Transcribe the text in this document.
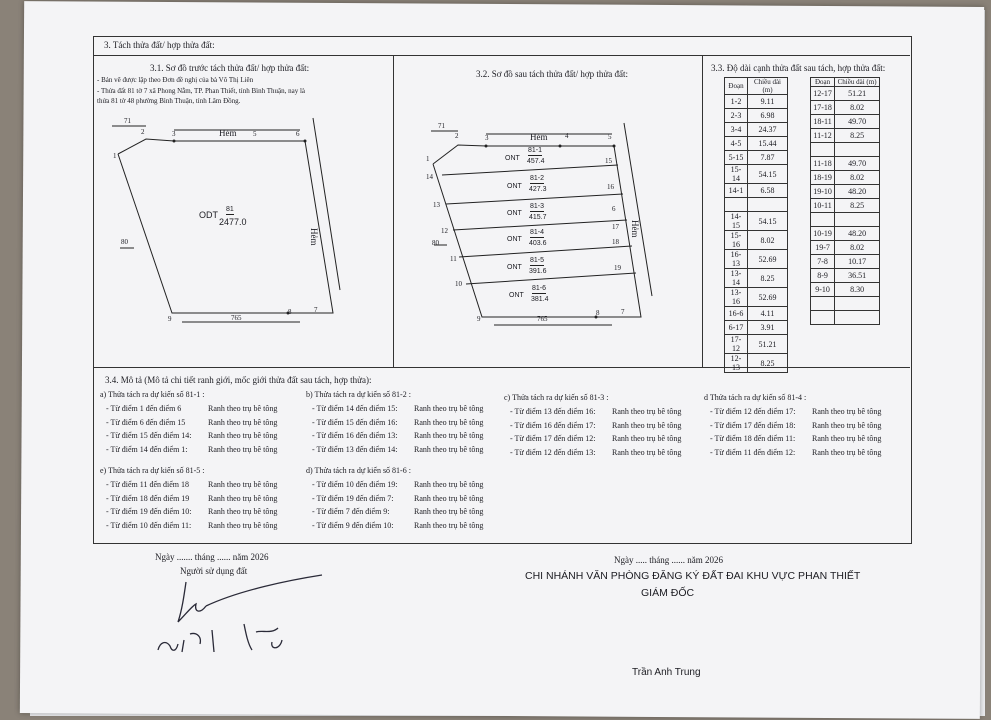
3. Tách thửa đất/ hợp thửa đất:
3.1. Sơ đồ trước tách thửa đất/ hợp thửa đất:
- Bản vẽ được lập theo Đơn đề nghị của bà Võ Thị Liên
- Thửa đất 81 tờ 7 xã Phong Nẫm, TP. Phan Thiết, tỉnh Bình Thuận, nay là
thửa 81 tờ 48 phường Bình Thuận, tỉnh Lâm Đồng.
71
2	3	Hẻm 5	6
1
80
9	765
8	7
Hẻm
ODT
81
2477.0
3.2. Sơ đồ sau tách thửa đất/ hợp thửa đất:
71
2	3	Hẻm	4	5
1
14
13
12
80
11
10
9	765
8	7
15
16
6
17
18
19
Hẻm
ONT
81-1
457.4
ONT
81-2
427.3
ONT
81-3
415.7
ONT
81-4
403.6
ONT
81-5
391.6
ONT
81-6
381.4
3.3. Độ dài cạnh thửa đất sau tách, hợp thửa đất:
Đoạn	Chiều dài (m)
1-2	9.11
2-3	6.98
3-4	24.37
4-5	15.44
5-15	7.87
15-14	54.15
14-1	6.58

14-15	54.15
15-16	8.02
16-13	52.69
13-14	8.25
13-16	52.69
16-6	4.11
6-17	3.91
17-12	51.21
12-13	8.25
Đoạn	Chiều dài (m)
12-17	51.21
17-18	8.02
18-11	49.70
11-12	8.25

11-18	49.70
18-19	8.02
19-10	48.20
10-11	8.25

10-19	48.20
19-7	8.02
7-8	10.17
8-9	36.51
9-10	8.30

3.4. Mô tả (Mô tả chi tiết ranh giới, mốc giới thửa đất sau tách, hợp thửa):
a) Thửa tách ra dự kiến số 81-1 :
- Từ điểm 1 đến điểm 6	Ranh theo trụ bê tông
- Từ điểm 6 đến điểm 15	Ranh theo trụ bê tông
- Từ điểm 15 đến điểm 14: Ranh theo trụ bê tông
- Từ điểm 14 đến điểm 1:	Ranh theo trụ bê tông
b) Thửa tách ra dự kiến số 81-2 :
- Từ điểm 14 đến điểm 15: Ranh theo trụ bê tông
- Từ điểm 15 đến điểm 16: Ranh theo trụ bê tông
- Từ điểm 16 đến điểm 13: Ranh theo trụ bê tông
- Từ điểm 13 đến điểm 14: Ranh theo trụ bê tông
c) Thửa tách ra dự kiến số 81-3 :
- Từ điểm 13 đến điểm 16: Ranh theo trụ bê tông
- Từ điểm 16 đến điểm 17: Ranh theo trụ bê tông
- Từ điểm 17 đến điểm 12: Ranh theo trụ bê tông
- Từ điểm 12 đến điểm 13: Ranh theo trụ bê tông
d Thửa tách ra dự kiến số 81-4 :
- Từ điểm 12 đến điểm 17: Ranh theo trụ bê tông
- Từ điểm 17 đến điểm 18: Ranh theo trụ bê tông
- Từ điểm 18 đến điểm 11: Ranh theo trụ bê tông
- Từ điểm 11 đến điểm 12: Ranh theo trụ bê tông
e) Thửa tách ra dự kiến số 81-5 :
- Từ điểm 11 đến điểm 18 Ranh theo trụ bê tông
- Từ điểm 18 đến điểm 19 Ranh theo trụ bê tông
- Từ điểm 19 đến điểm 10: Ranh theo trụ bê tông
- Từ điểm 10 đến điểm 11: Ranh theo trụ bê tông
d) Thửa tách ra dự kiến số 81-6 :
- Từ điểm 10 đến điểm 19: Ranh theo trụ bê tông
- Từ điểm 19 đến điểm 7:	Ranh theo trụ bê tông
- Từ điểm 7 đến điểm 9:	Ranh theo trụ bê tông
- Từ điểm 9 đến điểm 10:	Ranh theo trụ bê tông
Ngày ....... tháng ...... năm 2026
Người sử dụng đất
Ngày ..... tháng ...... năm 2026
CHI NHÁNH VĂN PHÒNG ĐĂNG KÝ ĐẤT ĐAI KHU VỰC PHAN THIẾT
GIÁM ĐỐC
Trần Anh Trung
